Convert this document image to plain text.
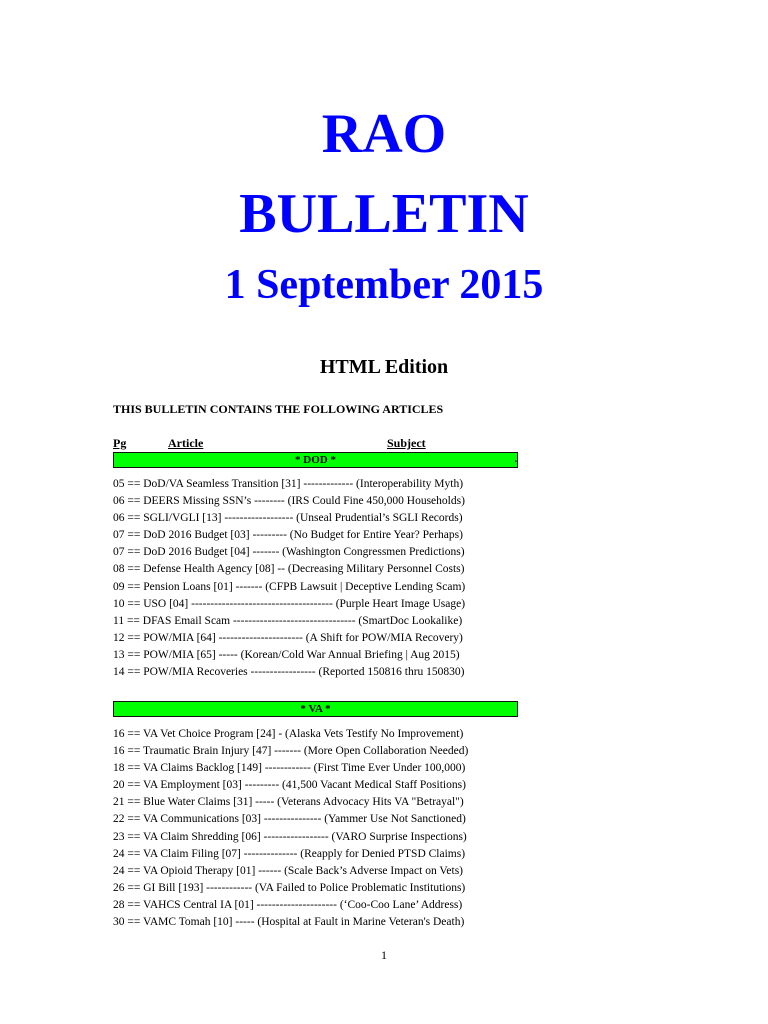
RAO
BULLETIN
1 September 2015
HTML Edition
THIS BULLETIN CONTAINS THE FOLLOWING ARTICLES
Pg	Article	Subject
* DOD *	.
05 == DoD/VA Seamless Transition [31] ------------- (Interoperability Myth)
06 == DEERS Missing SSN’s -------- (IRS Could Fine 450,000 Households)
06 == SGLI/VGLI [13] ------------------ (Unseal Prudential’s SGLI Records)
07 == DoD 2016 Budget [03] --------- (No Budget for Entire Year? Perhaps)
07 == DoD 2016 Budget [04] ------- (Washington Congressmen Predictions)
08 == Defense Health Agency [08] -- (Decreasing Military Personnel Costs)
09 == Pension Loans [01] ------- (CFPB Lawsuit | Deceptive Lending Scam)
10 == USO [04] ------------------------------------- (Purple Heart Image Usage)
11 == DFAS Email Scam -------------------------------- (SmartDoc Lookalike)
12 == POW/MIA [64] ---------------------- (A Shift for POW/MIA Recovery)
13 == POW/MIA [65] ----- (Korean/Cold War Annual Briefing | Aug 2015)
14 == POW/MIA Recoveries ----------------- (Reported 150816 thru 150830)
* VA *
16 == VA Vet Choice Program [24] - (Alaska Vets Testify No Improvement)
16 == Traumatic Brain Injury [47] ------- (More Open Collaboration Needed)
18 == VA Claims Backlog [149] ------------ (First Time Ever Under 100,000)
20 == VA Employment [03] --------- (41,500 Vacant Medical Staff Positions)
21 == Blue Water Claims [31] ----- (Veterans Advocacy Hits VA "Betrayal")
22 == VA Communications [03] --------------- (Yammer Use Not Sanctioned)
23 == VA Claim Shredding [06] ----------------- (VARO Surprise Inspections)
24 == VA Claim Filing [07] -------------- (Reapply for Denied PTSD Claims)
24 == VA Opioid Therapy [01] ------ (Scale Back’s Adverse Impact on Vets)
26 == GI Bill [193] ------------ (VA Failed to Police Problematic Institutions)
28 == VAHCS Central IA [01] --------------------- (‘Coo-Coo Lane’ Address)
30 == VAMC Tomah [10] ----- (Hospital at Fault in Marine Veteran's Death)
1
